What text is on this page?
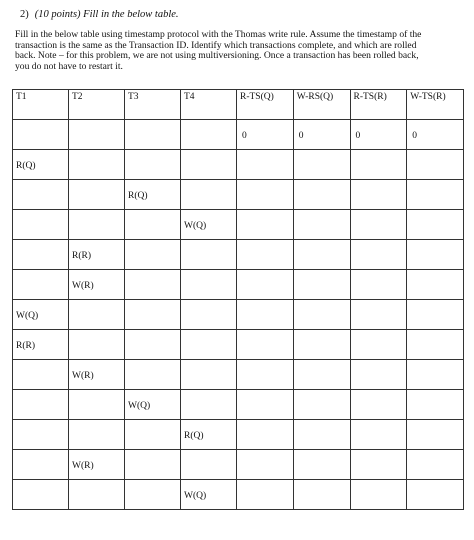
2) (10 points) Fill in the below table.
Fill in the below table using timestamp protocol with the Thomas write rule. Assume the timestamp of the
transaction is the same as the Transaction ID. Identify which transactions complete, and which are rolled
back. Note – for this problem, we are not using multiversioning. Once a transaction has been rolled back,
you do not have to restart it.
T1	T2	T3	T4	R-TS(Q)	W-RS(Q)	R-TS(R)	W-TS(R)
				0	0	0	0
R(Q)							
		R(Q)					
			W(Q)				
	R(R)						
	W(R)						
W(Q)							
R(R)							
	W(R)						
		W(Q)					
			R(Q)				
	W(R)						
			W(Q)				
